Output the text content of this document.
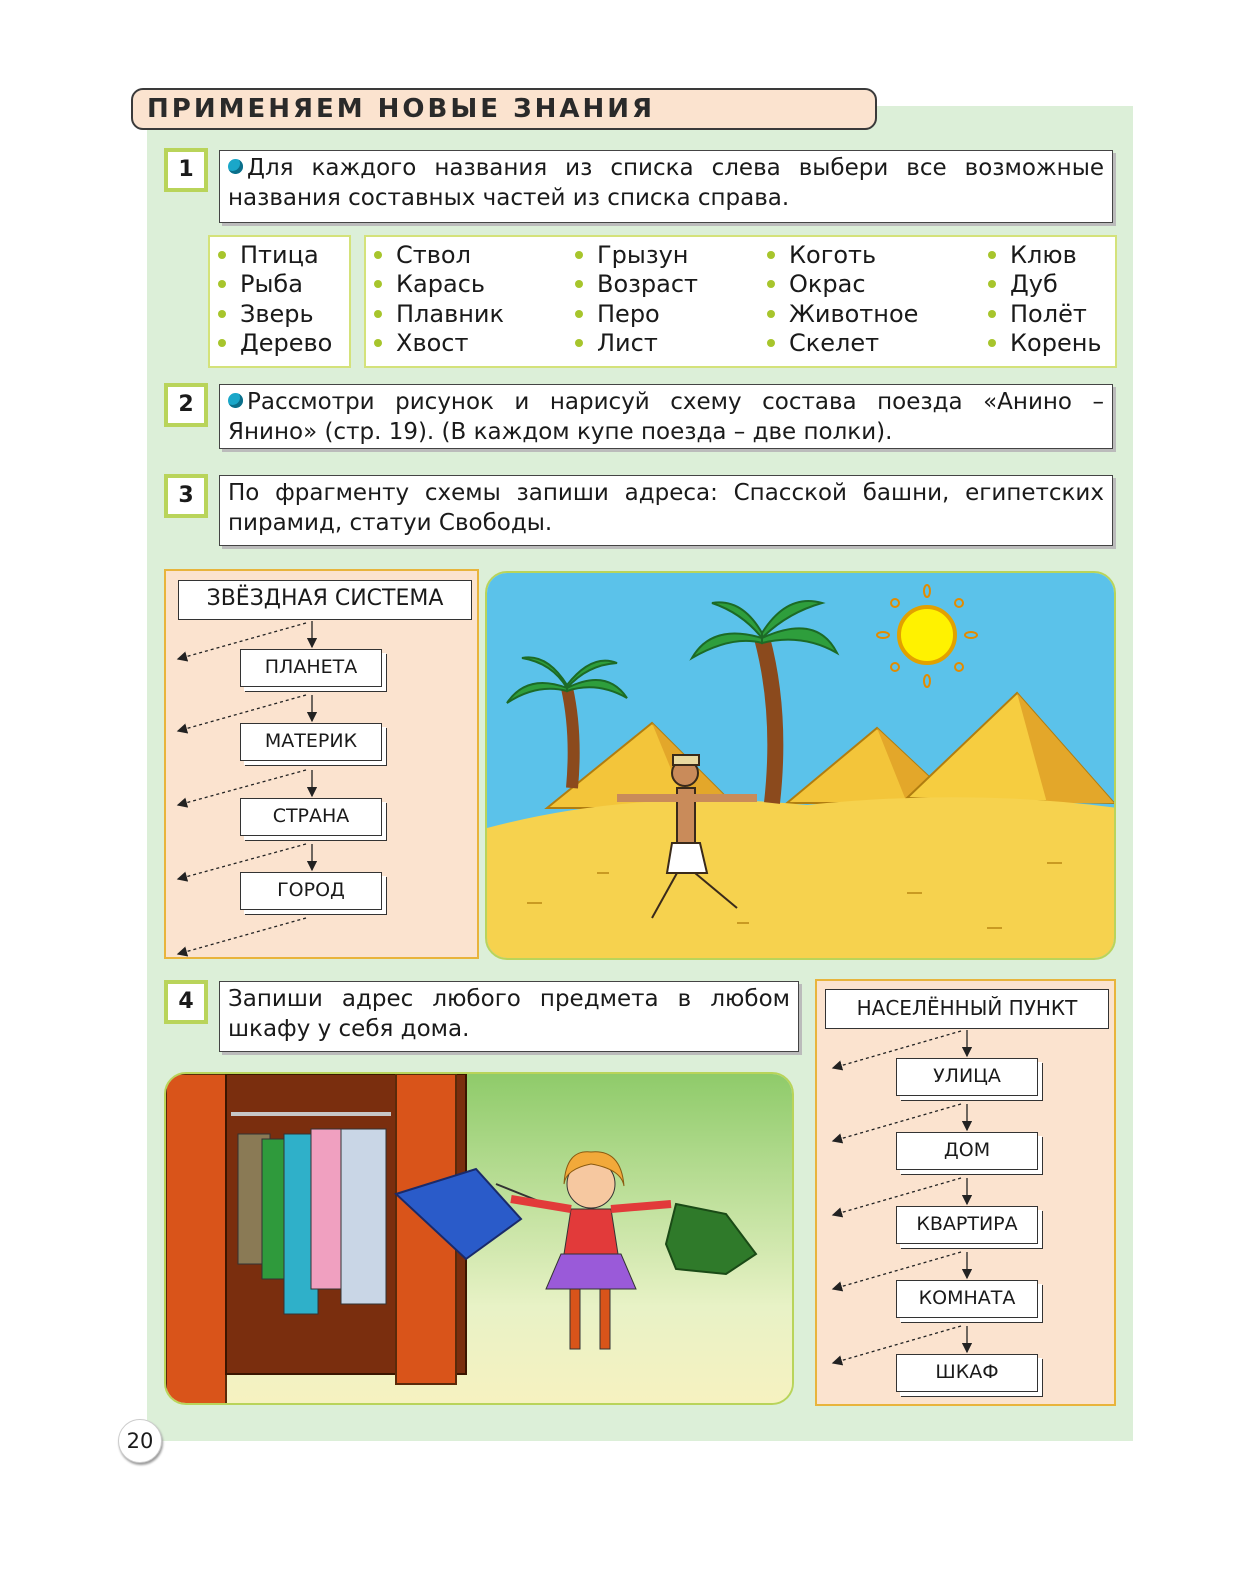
ПРИМЕНЯЕМ НОВЫЕ ЗНАНИЯ
1	Для каждого названия из списка слева выбери все возможные
названия составных частей из списка справа.
Птица
Рыба
Зверь
Дерево
Ствол
Карась
Плавник
Хвост
Грызун
Возраст
Перо
Лист
Коготь
Окрас
Животное
Скелет
Клюв
Дуб
Полёт
Корень
2	Рассмотри рисунок и нарисуй схему состава поезда «Анино –
Янино» (стр. 19). (В каждом купе поезда – две полки).
3	По фрагменту схемы запиши адреса: Спасской башни, египетских
пирамид, статуи Свободы.
ЗВЁЗДНАЯ СИСТЕМА
ПЛАНЕТА
МАТЕРИК
СТРАНА
ГОРОД
4	Запиши адрес любого предмета в любом
шкафу у себя дома.
НАСЕЛЁННЫЙ ПУНКТ
УЛИЦА
ДОМ
КВАРТИРА
КОМНАТА
ШКАФ
20
